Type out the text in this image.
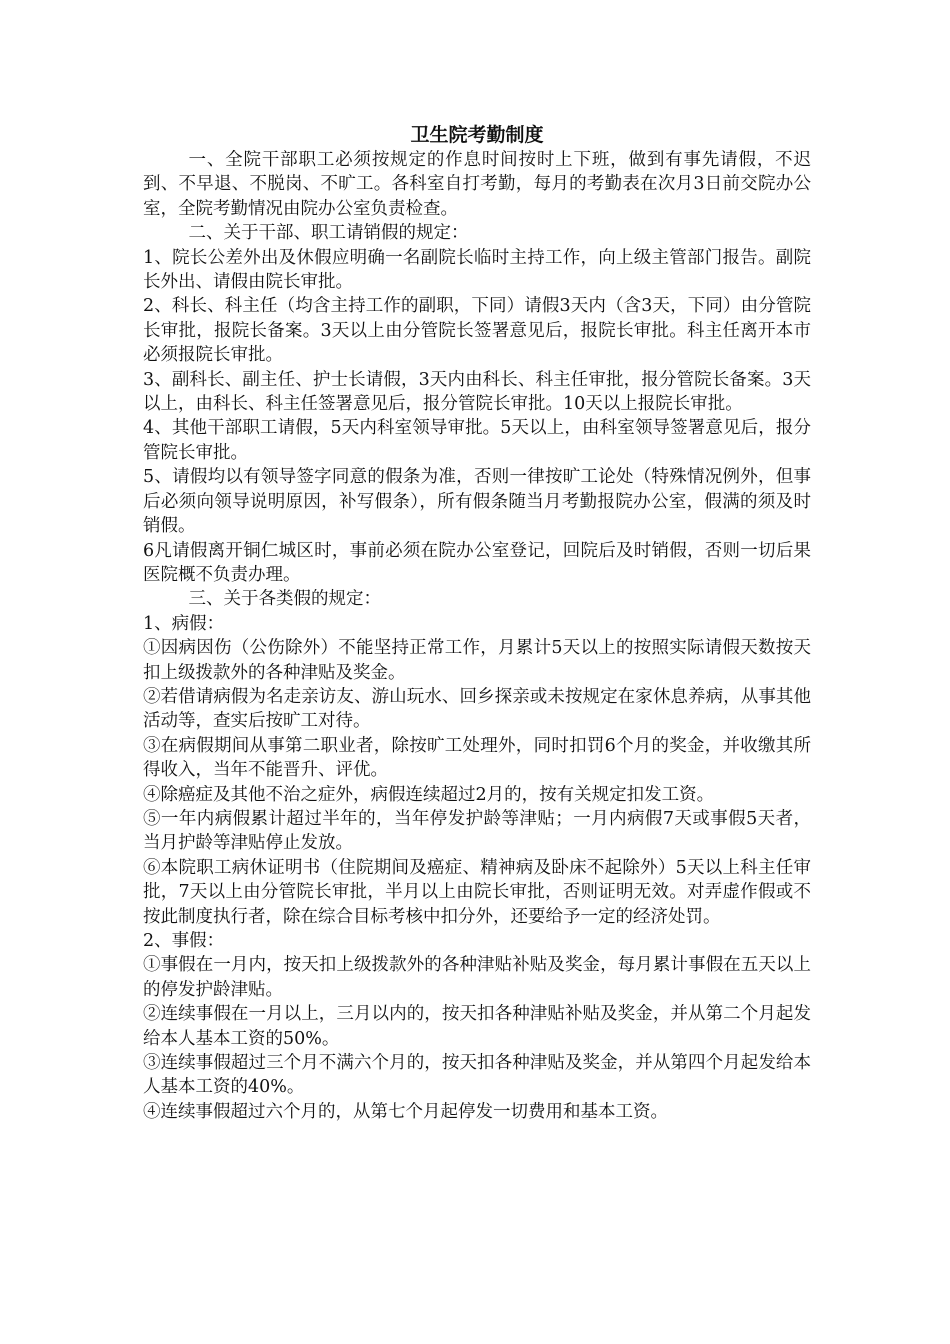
卫生院考勤制度

一、全院干部职工必须按规定的作息时间按时上下班，做到有事先请假，不迟到、不早退、不脱岗、不旷工。各科室自打考勤，每月的考勤表在次月3日前交院办公室，全院考勤情况由院办公室负责检查。

二、关于干部、职工请销假的规定：

1、院长公差外出及休假应明确一名副院长临时主持工作，向上级主管部门报告。副院长外出、请假由院长审批。

2、科长、科主任（均含主持工作的副职，下同）请假3天内（含3天，下同）由分管院长审批，报院长备案。3天以上由分管院长签署意见后，报院长审批。科主任离开本市必须报院长审批。

3、副科长、副主任、护士长请假，3天内由科长、科主任审批，报分管院长备案。3天以上，由科长、科主任签署意见后，报分管院长审批。10天以上报院长审批。

4、其他干部职工请假，5天内科室领导审批。5天以上，由科室领导签署意见后，报分管院长审批。

5、请假均以有领导签字同意的假条为准，否则一律按旷工论处（特殊情况例外，但事后必须向领导说明原因，补写假条），所有假条随当月考勤报院办公室，假满的须及时销假。

6凡请假离开铜仁城区时，事前必须在院办公室登记，回院后及时销假，否则一切后果医院概不负责办理。

三、关于各类假的规定：

1、病假：

①因病因伤（公伤除外）不能坚持正常工作，月累计5天以上的按照实际请假天数按天扣上级拨款外的各种津贴及奖金。

②若借请病假为名走亲访友、游山玩水、回乡探亲或未按规定在家休息养病，从事其他活动等，查实后按旷工对待。

③在病假期间从事第二职业者，除按旷工处理外，同时扣罚6个月的奖金，并收缴其所得收入，当年不能晋升、评优。

④除癌症及其他不治之症外，病假连续超过2月的，按有关规定扣发工资。

⑤一年内病假累计超过半年的，当年停发护龄等津贴；一月内病假7天或事假5天者，当月护龄等津贴停止发放。

⑥本院职工病休证明书（住院期间及癌症、精神病及卧床不起除外）5天以上科主任审批，7天以上由分管院长审批，半月以上由院长审批，否则证明无效。对弄虚作假或不按此制度执行者，除在综合目标考核中扣分外，还要给予一定的经济处罚。

2、事假：

①事假在一月内，按天扣上级拨款外的各种津贴补贴及奖金，每月累计事假在五天以上的停发护龄津贴。

②连续事假在一月以上，三月以内的，按天扣各种津贴补贴及奖金，并从第二个月起发给本人基本工资的50%。

③连续事假超过三个月不满六个月的，按天扣各种津贴及奖金，并从第四个月起发给本人基本工资的40%。

④连续事假超过六个月的，从第七个月起停发一切费用和基本工资。
